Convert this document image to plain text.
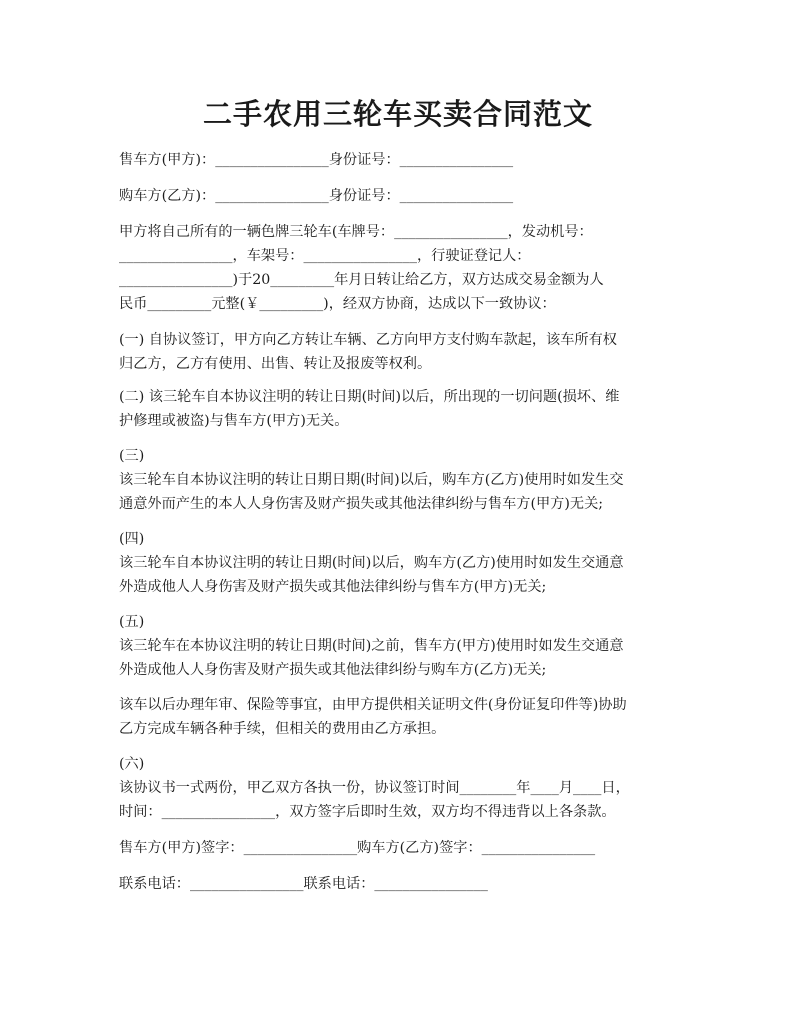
二手农用三轮车买卖合同范文
售车方(甲方)：________________身份证号：________________
购车方(乙方)：________________身份证号：________________
甲方将自己所有的一辆色牌三轮车(车牌号：________________，发动机号：
________________，车架号：________________，行驶证登记人：
________________)于20_________年月日转让给乙方，双方达成交易金额为人
民币_________元整(￥_________)，经双方协商，达成以下一致协议：
(一) 自协议签订，甲方向乙方转让车辆、乙方向甲方支付购车款起，该车所有权
归乙方，乙方有使用、出售、转让及报废等权利。
(二) 该三轮车自本协议注明的转让日期(时间)以后，所出现的一切问题(损坏、维
护修理或被盗)与售车方(甲方)无关。
(三)
该三轮车自本协议注明的转让日期日期(时间)以后，购车方(乙方)使用时如发生交
通意外而产生的本人人身伤害及财产损失或其他法律纠纷与售车方(甲方)无关;
(四)
该三轮车自本协议注明的转让日期(时间)以后，购车方(乙方)使用时如发生交通意
外造成他人人身伤害及财产损失或其他法律纠纷与售车方(甲方)无关;
(五)
该三轮车在本协议注明的转让日期(时间)之前，售车方(甲方)使用时如发生交通意
外造成他人人身伤害及财产损失或其他法律纠纷与购车方(乙方)无关;
该车以后办理年审、保险等事宜，由甲方提供相关证明文件(身份证复印件等)协助
乙方完成车辆各种手续，但相关的费用由乙方承担。
(六)
该协议书一式两份，甲乙双方各执一份，协议签订时间________年____月____日，
时间：________________，双方签字后即时生效，双方均不得违背以上各条款。
售车方(甲方)签字：________________购车方(乙方)签字：________________
联系电话：________________联系电话：________________
